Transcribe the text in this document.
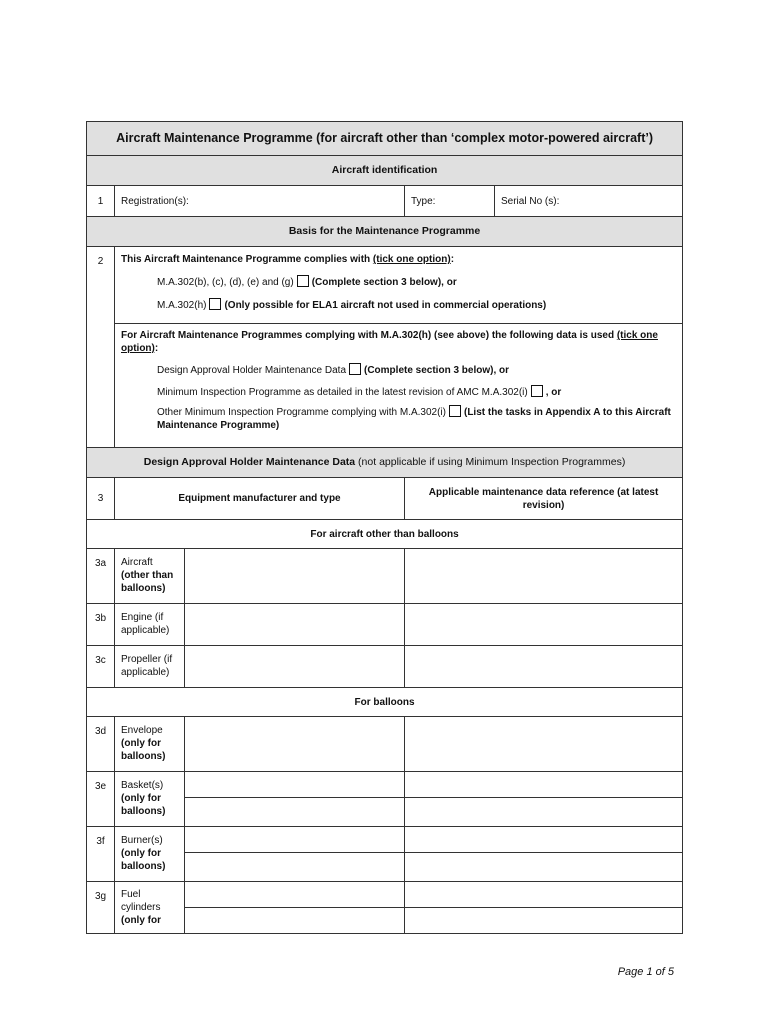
Aircraft Maintenance Programme (for aircraft other than ‘complex motor-powered aircraft’)				
Aircraft identification				
1	Registration(s):		Type:	Serial No (s):
Basis for the Maintenance Programme				
2	This Aircraft Maintenance Programme complies with (tick one option):
M.A.302(b), (c), (d), (e) and (g) (Complete section 3 below), or
M.A.302(h) (Only possible for ELA1 aircraft not used in commercial operations)			

	For Aircraft Maintenance Programmes complying with M.A.302(h) (see above) the following data is used (tick one option):
Design Approval Holder Maintenance Data (Complete section 3 below), or
Minimum Inspection Programme as detailed in the latest revision of AMC M.A.302(i) , or
Other Minimum Inspection Programme complying with M.A.302(i) (List the tasks in Appendix A to this Aircraft Maintenance Programme)			

Design Approval Holder Maintenance Data (not applicable if using Minimum Inspection Programmes)				
3	Equipment manufacturer and type		Applicable maintenance data reference (at latest revision)	
For aircraft other than balloons				
3a	Aircraft
(other than balloons)			
3b	Engine (if applicable)			
3c	Propeller (if applicable)			
For balloons				
3d	Envelope
(only for balloons)			
3e	Basket(s)
(only for balloons)			

3f	Burner(s)
(only for balloons)			

3g	Fuel cylinders
(only for			

Page 1 of 5
